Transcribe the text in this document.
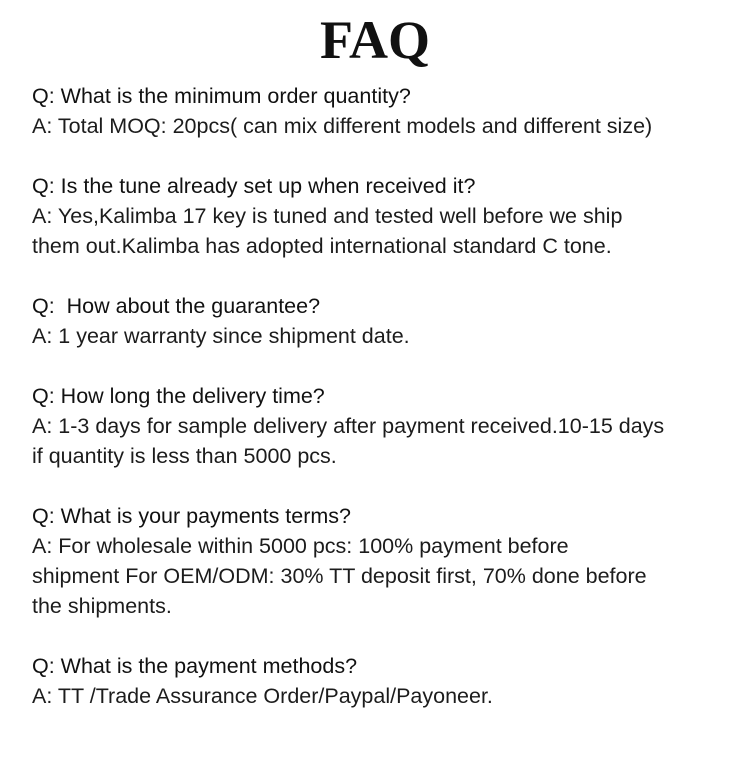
FAQ

Q: What is the minimum order quantity?

A: Total MOQ: 20pcs( can mix different models and different size)

Q: Is the tune already set up when received it?

A: Yes,Kalimba 17 key is tuned and tested well before we ship

them out.Kalimba has adopted international standard C tone.

Q:  How about the guarantee?

A: 1 year warranty since shipment date.

Q: How long the delivery time?

A: 1-3 days for sample delivery after payment received.10-15 days

if quantity is less than 5000 pcs.

Q: What is your payments terms?

A: For wholesale within 5000 pcs: 100% payment before

shipment For OEM/ODM: 30% TT deposit first, 70% done before

the shipments.

Q: What is the payment methods?

A: TT /Trade Assurance Order/Paypal/Payoneer.
